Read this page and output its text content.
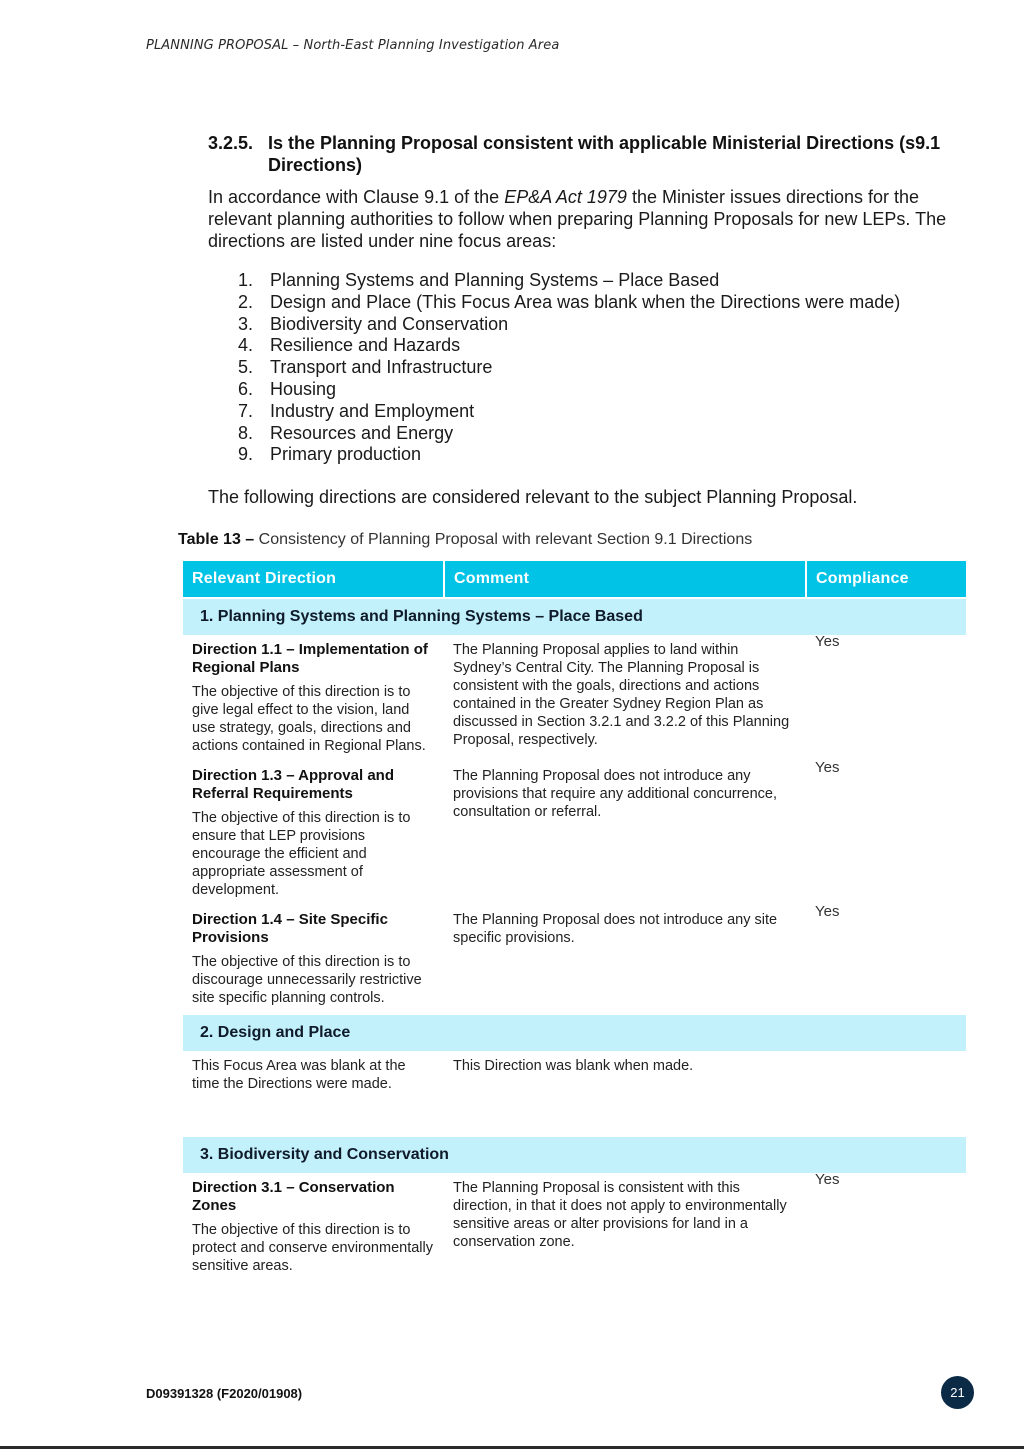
PLANNING PROPOSAL – North-East Planning Investigation Area
3.2.5. Is the Planning Proposal consistent with applicable Ministerial Directions (s9.1 Directions)

In accordance with Clause 9.1 of the EP&A Act 1979 the Minister issues directions for the relevant planning authorities to follow when preparing Planning Proposals for new LEPs. The directions are listed under nine focus areas:

1. Planning Systems and Planning Systems – Place Based
2. Design and Place (This Focus Area was blank when the Directions were made)
3. Biodiversity and Conservation
4. Resilience and Hazards
5. Transport and Infrastructure
6. Housing
7. Industry and Employment
8. Resources and Energy
9. Primary production

The following directions are considered relevant to the subject Planning Proposal.

Table 13 – Consistency of Planning Proposal with relevant Section 9.1 Directions
Relevant Direction	Comment	Compliance
1. Planning Systems and Planning Systems – Place Based		

Direction 1.1 – Implementation of Regional Plans
The objective of this direction is to give legal effect to the vision, land use strategy, goals, directions and actions contained in Regional Plans.	The Planning Proposal applies to land within Sydney’s Central City. The Planning Proposal is consistent with the goals, directions and actions contained in the Greater Sydney Region Plan as discussed in Section 3.2.1 and 3.2.2 of this Planning Proposal, respectively.	Yes

Direction 1.3 – Approval and Referral Requirements
The objective of this direction is to ensure that LEP provisions encourage the efficient and appropriate assessment of development.	The Planning Proposal does not introduce any provisions that require any additional concurrence, consultation or referral.	Yes

Direction 1.4 – Site Specific Provisions
The objective of this direction is to discourage unnecessarily restrictive site specific planning controls.	The Planning Proposal does not introduce any site specific provisions.	Yes

2. Design and Place		

This Focus Area was blank at the time the Directions were made.	This Direction was blank when made.	

3. Biodiversity and Conservation		

Direction 3.1 – Conservation Zones
The objective of this direction is to protect and conserve environmentally sensitive areas.	The Planning Proposal is consistent with this direction, in that it does not apply to environmentally sensitive areas or alter provisions for land in a conservation zone.	Yes
D09391328 (F2020/01908)	21
